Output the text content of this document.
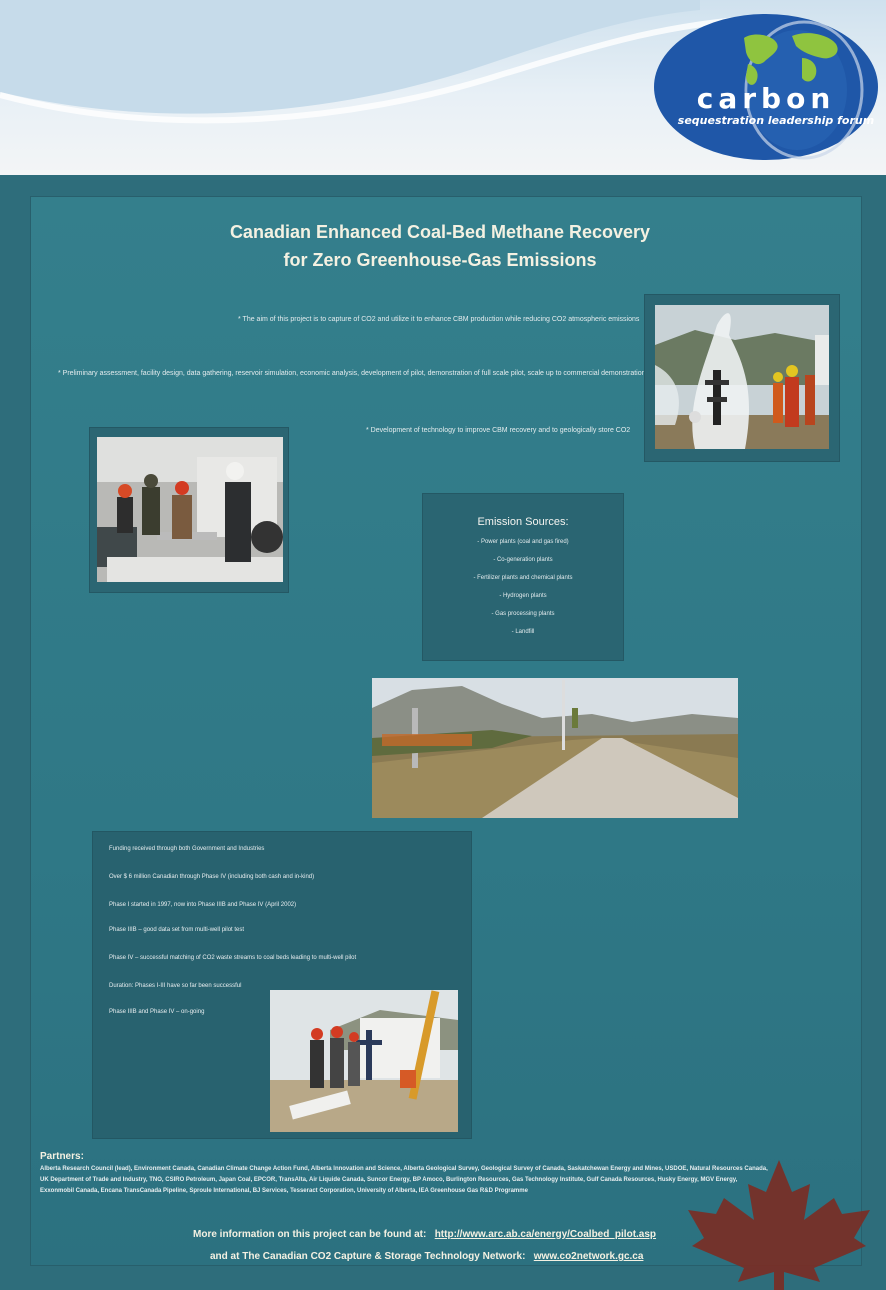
carbon
sequestration leadership forum
Canadian Enhanced Coal-Bed Methane Recovery
for Zero Greenhouse-Gas Emissions
* The aim of this project is to capture of CO2 and utilize it to enhance CBM production while reducing CO2 atmospheric emissions
* Preliminary assessment, facility design, data gathering, reservoir simulation, economic analysis, development of pilot, demonstration of full scale pilot, scale up to commercial demonstration
* Development of technology to improve CBM recovery and to geologically store CO2
Emission Sources:
- Power plants (coal and gas fired)
- Co-generation plants
- Fertilizer plants and chemical plants
- Hydrogen plants
- Gas processing plants
- Landfill
Funding received through both Government and Industries
Over $ 6 million Canadian through Phase IV (including both cash and in-kind)
Phase I started in 1997, now into Phase IIIB and Phase IV (April 2002)
Phase IIIB – good data set from multi-well pilot test
Phase IV – successful matching of CO2 waste streams to coal beds leading to multi-well pilot
Duration: Phases I-III have so far been successful
Phase IIIB and Phase IV – on-going
Partners:
Alberta Research Council (lead), Environment Canada, Canadian Climate Change Action Fund, Alberta Innovation and Science, Alberta Geological Survey, Geological Survey of Canada, Saskatchewan Energy and Mines, USDOE, Natural Resources Canada, UK Department of Trade and Industry, TNO, CSIRO Petroleum, Japan Coal, EPCOR, TransAlta, Air Liquide Canada, Suncor Energy, BP Amoco, Burlington Resources, Gas Technology Institute, Gulf Canada Resources, Husky Energy, MGV Energy, Exxonmobil Canada, Encana TransCanada Pipeline, Sproule International, BJ Services, Tesseract Corporation, University of Alberta, IEA Greenhouse Gas R&D Programme
More information on this project can be found at: http://www.arc.ab.ca/energy/Coalbed_pilot.asp
and at The Canadian CO2 Capture & Storage Technology Network: www.co2network.gc.ca
